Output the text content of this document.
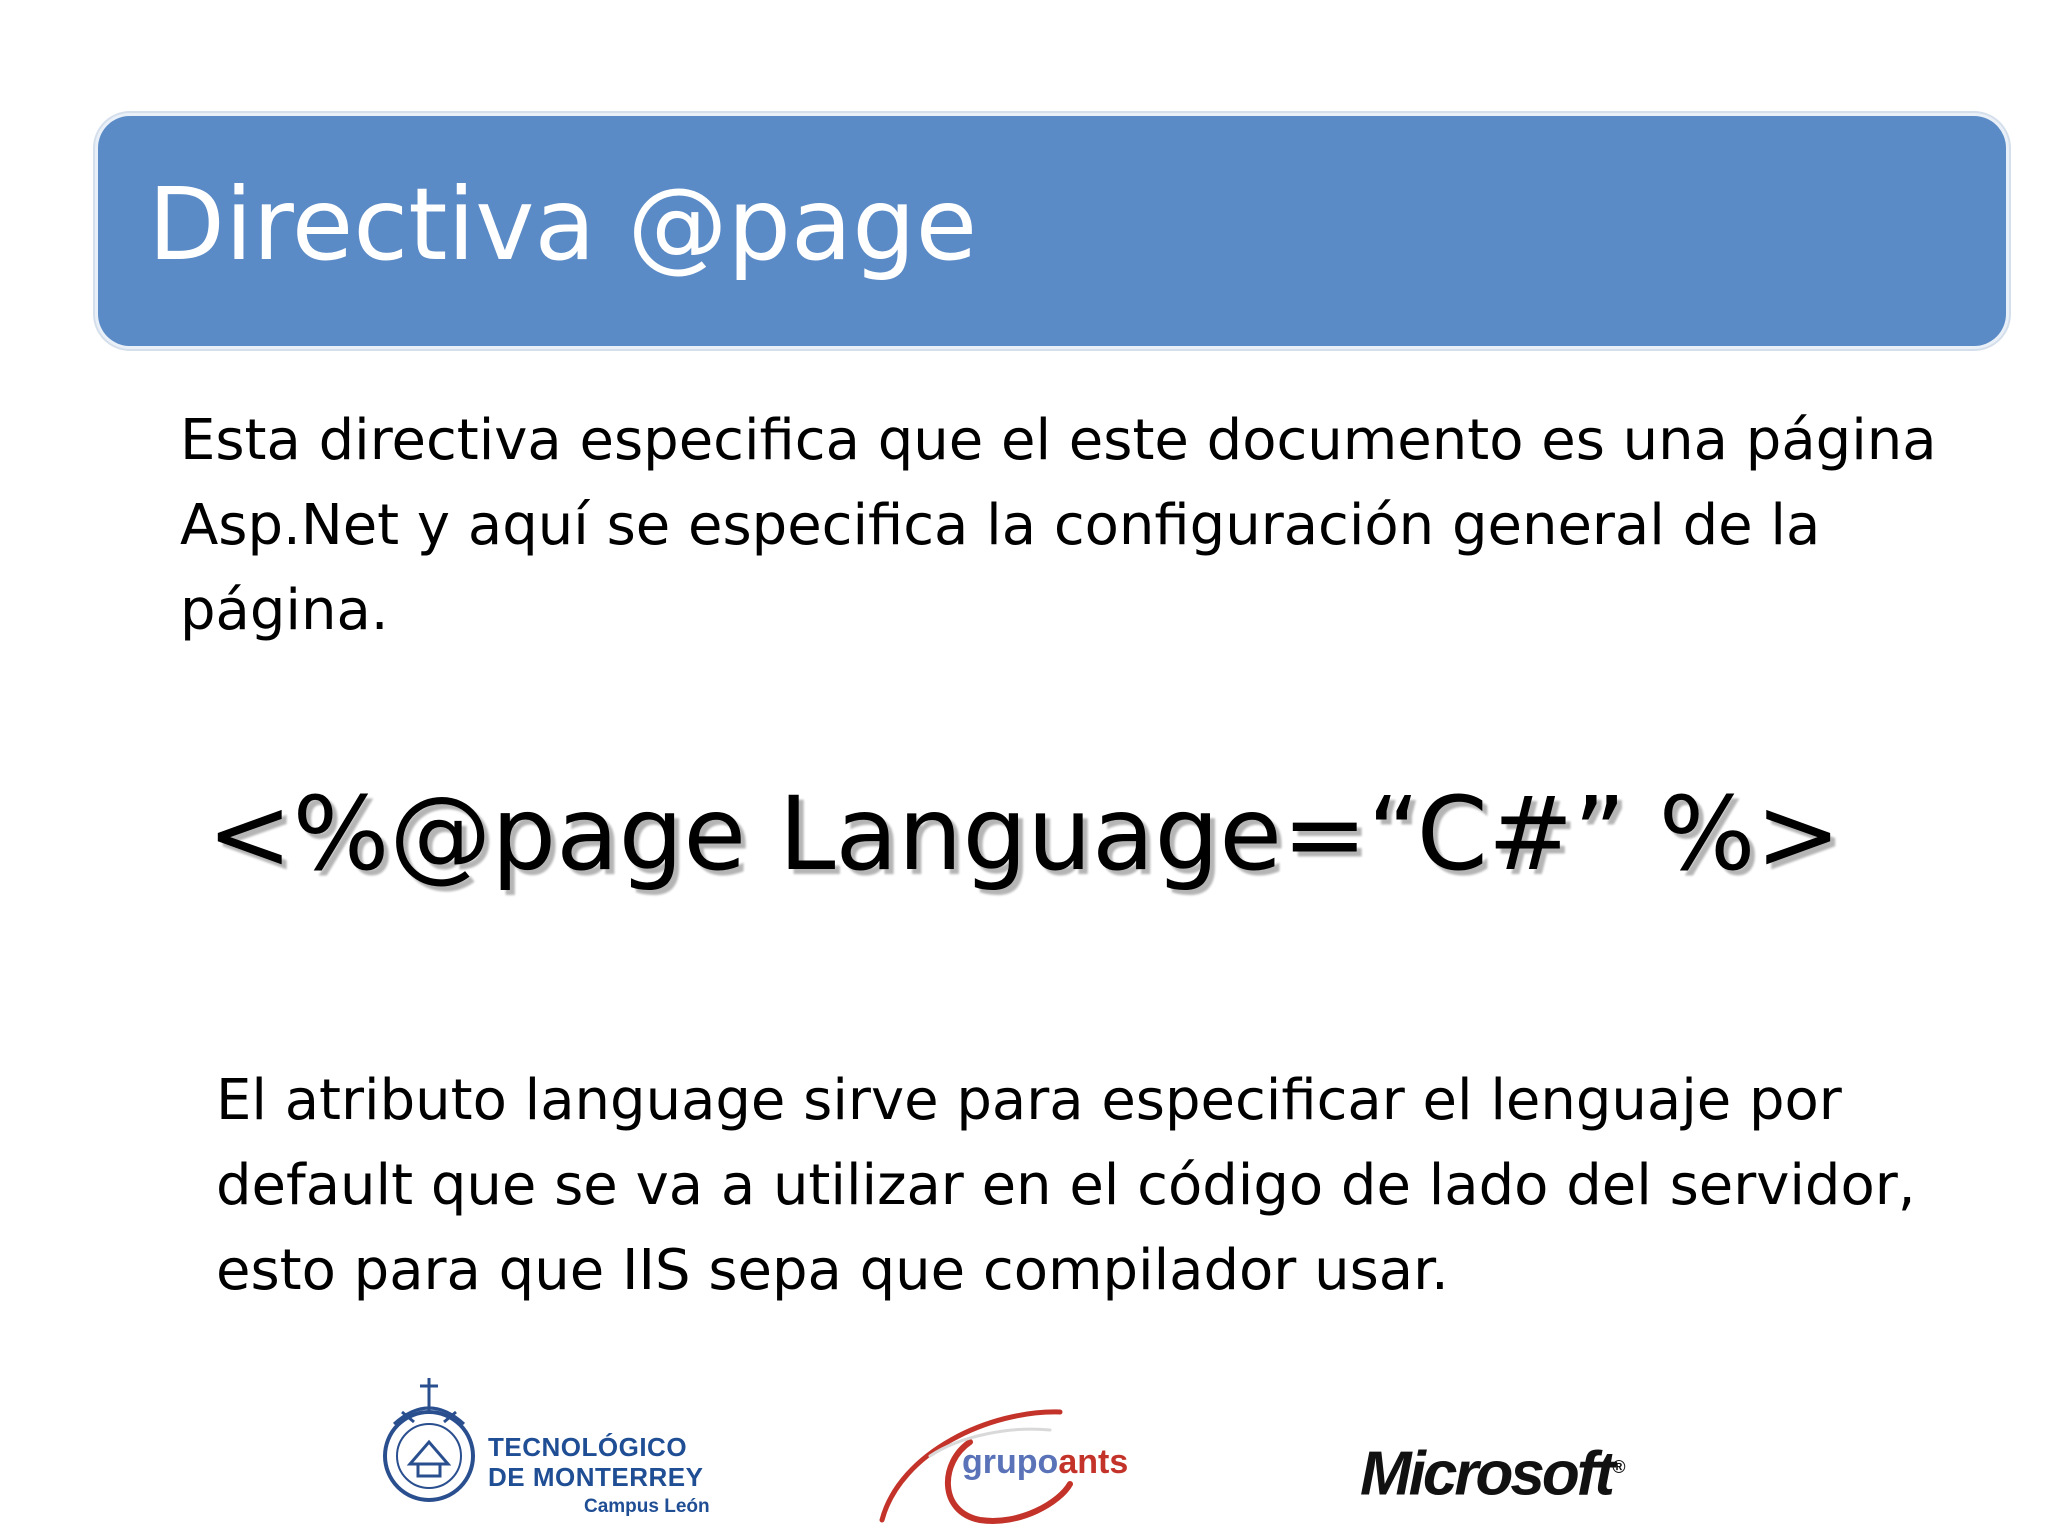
Directiva @page
Esta directiva especifica que el este documento es una página Asp.Net y aquí se especifica la configuración general de la página.
<%@page Language=“C#” %>
El atributo language sirve para especificar el lenguaje por default que se va a utilizar en el código de lado del servidor, esto para que IIS sepa que compilador usar.
TECNOLÓGICO
DE MONTERREY
Campus León
grupoants	Microsoft®
